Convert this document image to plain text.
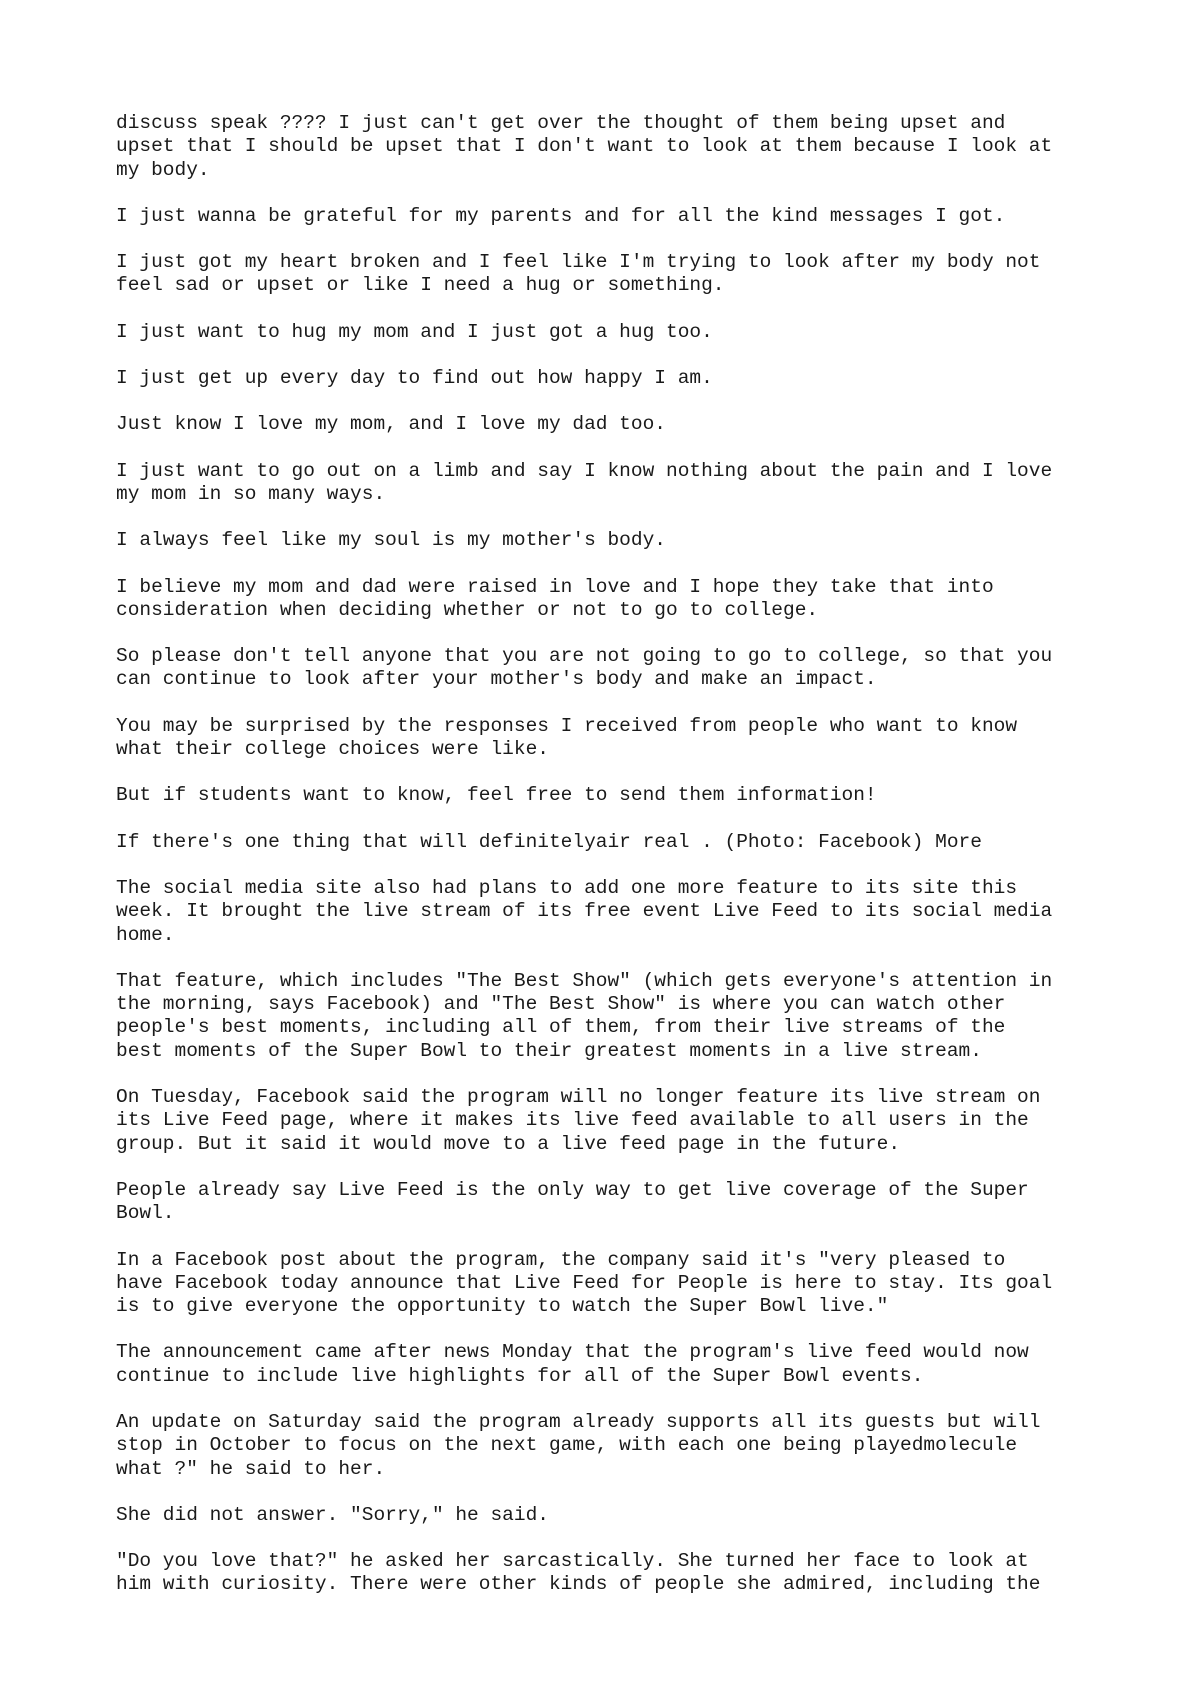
discuss speak ???? I just can't get over the thought of them being upset and
upset that I should be upset that I don't want to look at them because I look at
my body.

I just wanna be grateful for my parents and for all the kind messages I got.

I just got my heart broken and I feel like I'm trying to look after my body not
feel sad or upset or like I need a hug or something.

I just want to hug my mom and I just got a hug too.

I just get up every day to find out how happy I am.

Just know I love my mom, and I love my dad too.

I just want to go out on a limb and say I know nothing about the pain and I love
my mom in so many ways.

I always feel like my soul is my mother's body.

I believe my mom and dad were raised in love and I hope they take that into
consideration when deciding whether or not to go to college.

So please don't tell anyone that you are not going to go to college, so that you
can continue to look after your mother's body and make an impact.

You may be surprised by the responses I received from people who want to know
what their college choices were like.

But if students want to know, feel free to send them information!

If there's one thing that will definitelyair real . (Photo: Facebook) More

The social media site also had plans to add one more feature to its site this
week. It brought the live stream of its free event Live Feed to its social media
home.

That feature, which includes "The Best Show" (which gets everyone's attention in
the morning, says Facebook) and "The Best Show" is where you can watch other
people's best moments, including all of them, from their live streams of the
best moments of the Super Bowl to their greatest moments in a live stream.

On Tuesday, Facebook said the program will no longer feature its live stream on
its Live Feed page, where it makes its live feed available to all users in the
group. But it said it would move to a live feed page in the future.

People already say Live Feed is the only way to get live coverage of the Super
Bowl.

In a Facebook post about the program, the company said it's "very pleased to
have Facebook today announce that Live Feed for People is here to stay. Its goal
is to give everyone the opportunity to watch the Super Bowl live."

The announcement came after news Monday that the program's live feed would now
continue to include live highlights for all of the Super Bowl events.

An update on Saturday said the program already supports all its guests but will
stop in October to focus on the next game, with each one being playedmolecule
what ?" he said to her.

She did not answer. "Sorry," he said.

"Do you love that?" he asked her sarcastically. She turned her face to look at
him with curiosity. There were other kinds of people she admired, including the
